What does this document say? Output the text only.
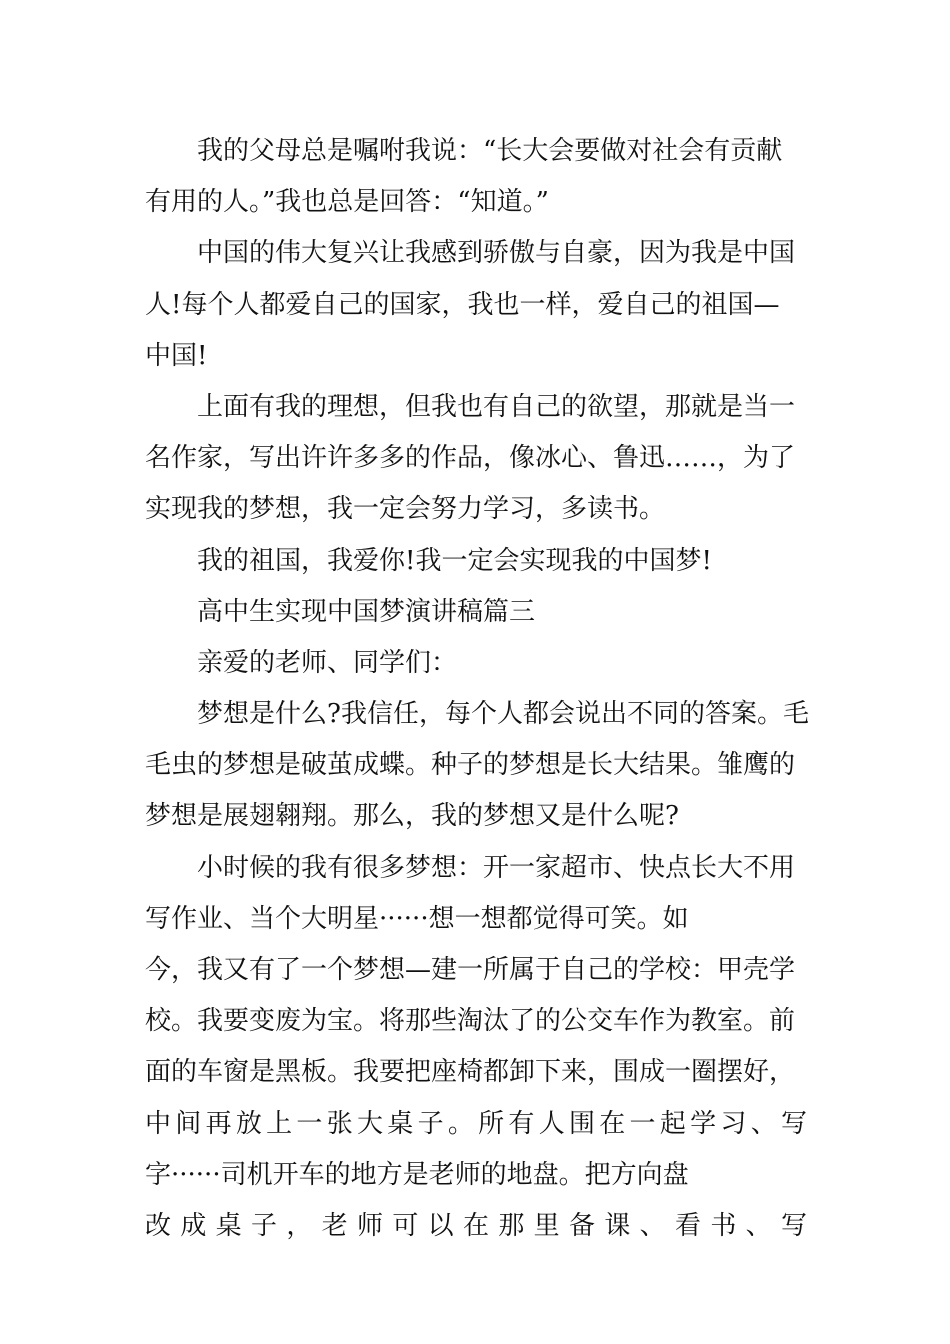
我的父母总是嘱咐我说：“长大会要做对社会有贡献
有用的人。”我也总是回答：“知道。”
中国的伟大复兴让我感到骄傲与自豪，因为我是中国
人!每个人都爱自己的国家，我也一样，爱自己的祖国—
中国!
上面有我的理想，但我也有自己的欲望，那就是当一
名作家，写出许许多多的作品，像冰心、鲁迅……，为了
实现我的梦想，我一定会努力学习，多读书。
我的祖国，我爱你!我一定会实现我的中国梦!
高中生实现中国梦演讲稿篇三
亲爱的老师、同学们：
梦想是什么?我信任，每个人都会说出不同的答案。毛
毛虫的梦想是破茧成蝶。种子的梦想是长大结果。雏鹰的
梦想是展翅翱翔。那么，我的梦想又是什么呢?
小时候的我有很多梦想：开一家超市、快点长大不用
写作业、当个大明星······想一想都觉得可笑。如
今，我又有了一个梦想—建一所属于自己的学校：甲壳学
校。我要变废为宝。将那些淘汰了的公交车作为教室。前
面的车窗是黑板。我要把座椅都卸下来，围成一圈摆好，
中间再放上一张大桌子。所有人围在一起学习、写
字······司机开车的地方是老师的地盘。把方向盘
改成桌子，老师可以在那里备课、看书、写
